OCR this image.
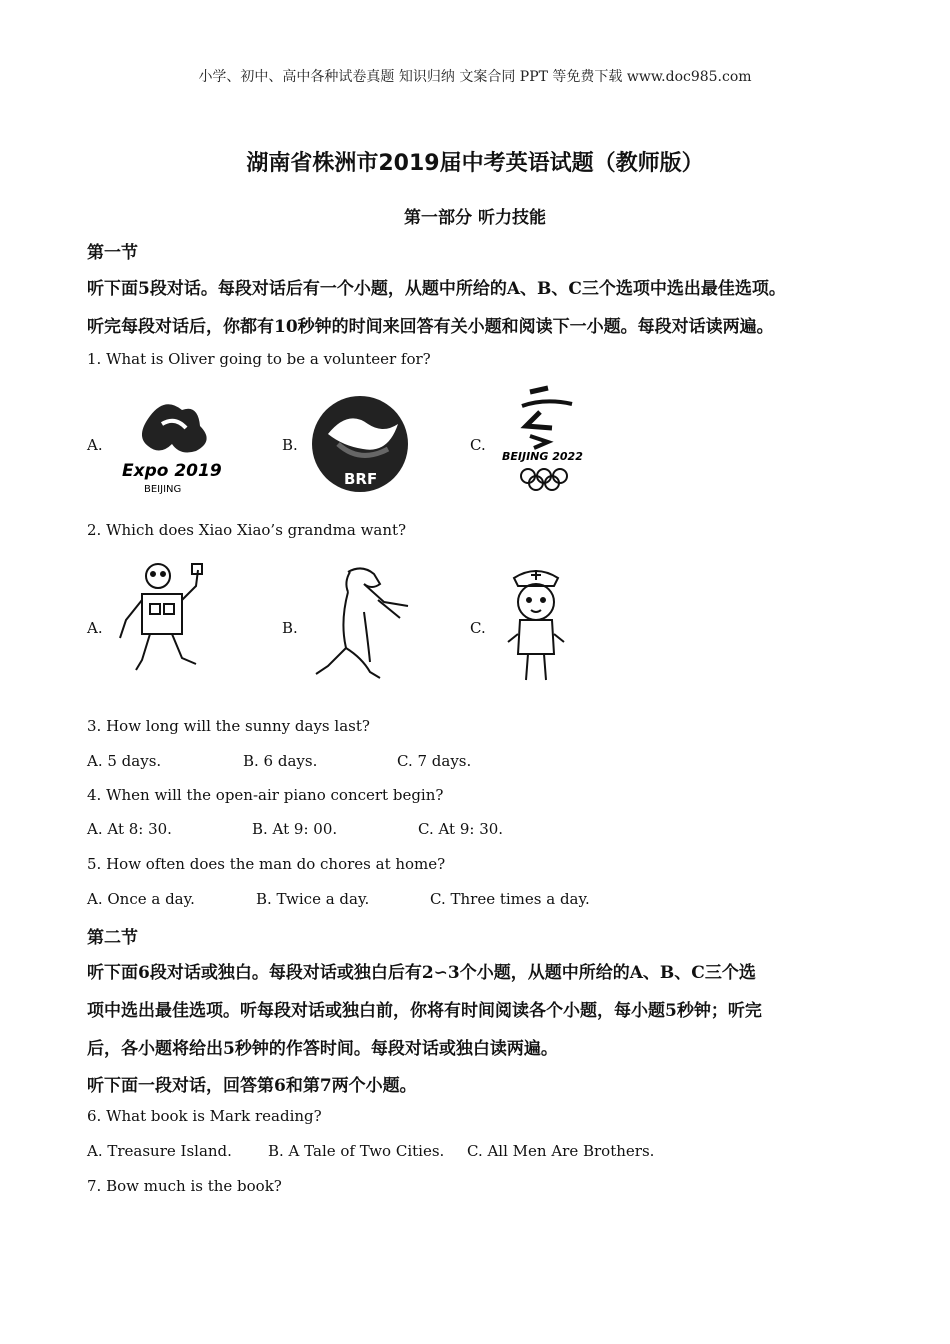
小学、初中、高中各种试卷真题 知识归纳 文案合同 PPT 等免费下载 www.doc985.com
湖南省株洲市2019届中考英语试题（教师版）
第一部分 听力技能
第一节
听下面5段对话。每段对话后有一个小题，从题中所给的A、B、C三个选项中选出最佳选项。
听完每段对话后，你都有10秒钟的时间来回答有关小题和阅读下一小题。每段对话读两遍。
1. What is Oliver going to be a volunteer for?
A.
Expo 2019
BEIJING
B.
BRF
C.
BEIJING 2022
2. Which does Xiao Xiao’s grandma want?
A.	B.	C.
3. How long will the sunny days last?
A. 5 days.	B. 6 days.	C. 7 days.
4. When will the open-air piano concert begin?
A. At 8: 30.	B. At 9: 00.	C. At 9: 30.
5. How often does the man do chores at home?
A. Once a day.	B. Twice a day.	C. Three times a day.
第二节
听下面6段对话或独白。每段对话或独白后有2∽3个小题，从题中所给的A、B、C三个选
项中选出最佳选项。听每段对话或独白前，你将有时间阅读各个小题，每小题5秒钟；听完
后，各小题将给出5秒钟的作答时间。每段对话或独白读两遍。
听下面一段对话，回答第6和第7两个小题。
6. What book is Mark reading?
A. Treasure Island. B. A Tale of Two Cities. C. All Men Are Brothers.
7. Bow much is the book?
